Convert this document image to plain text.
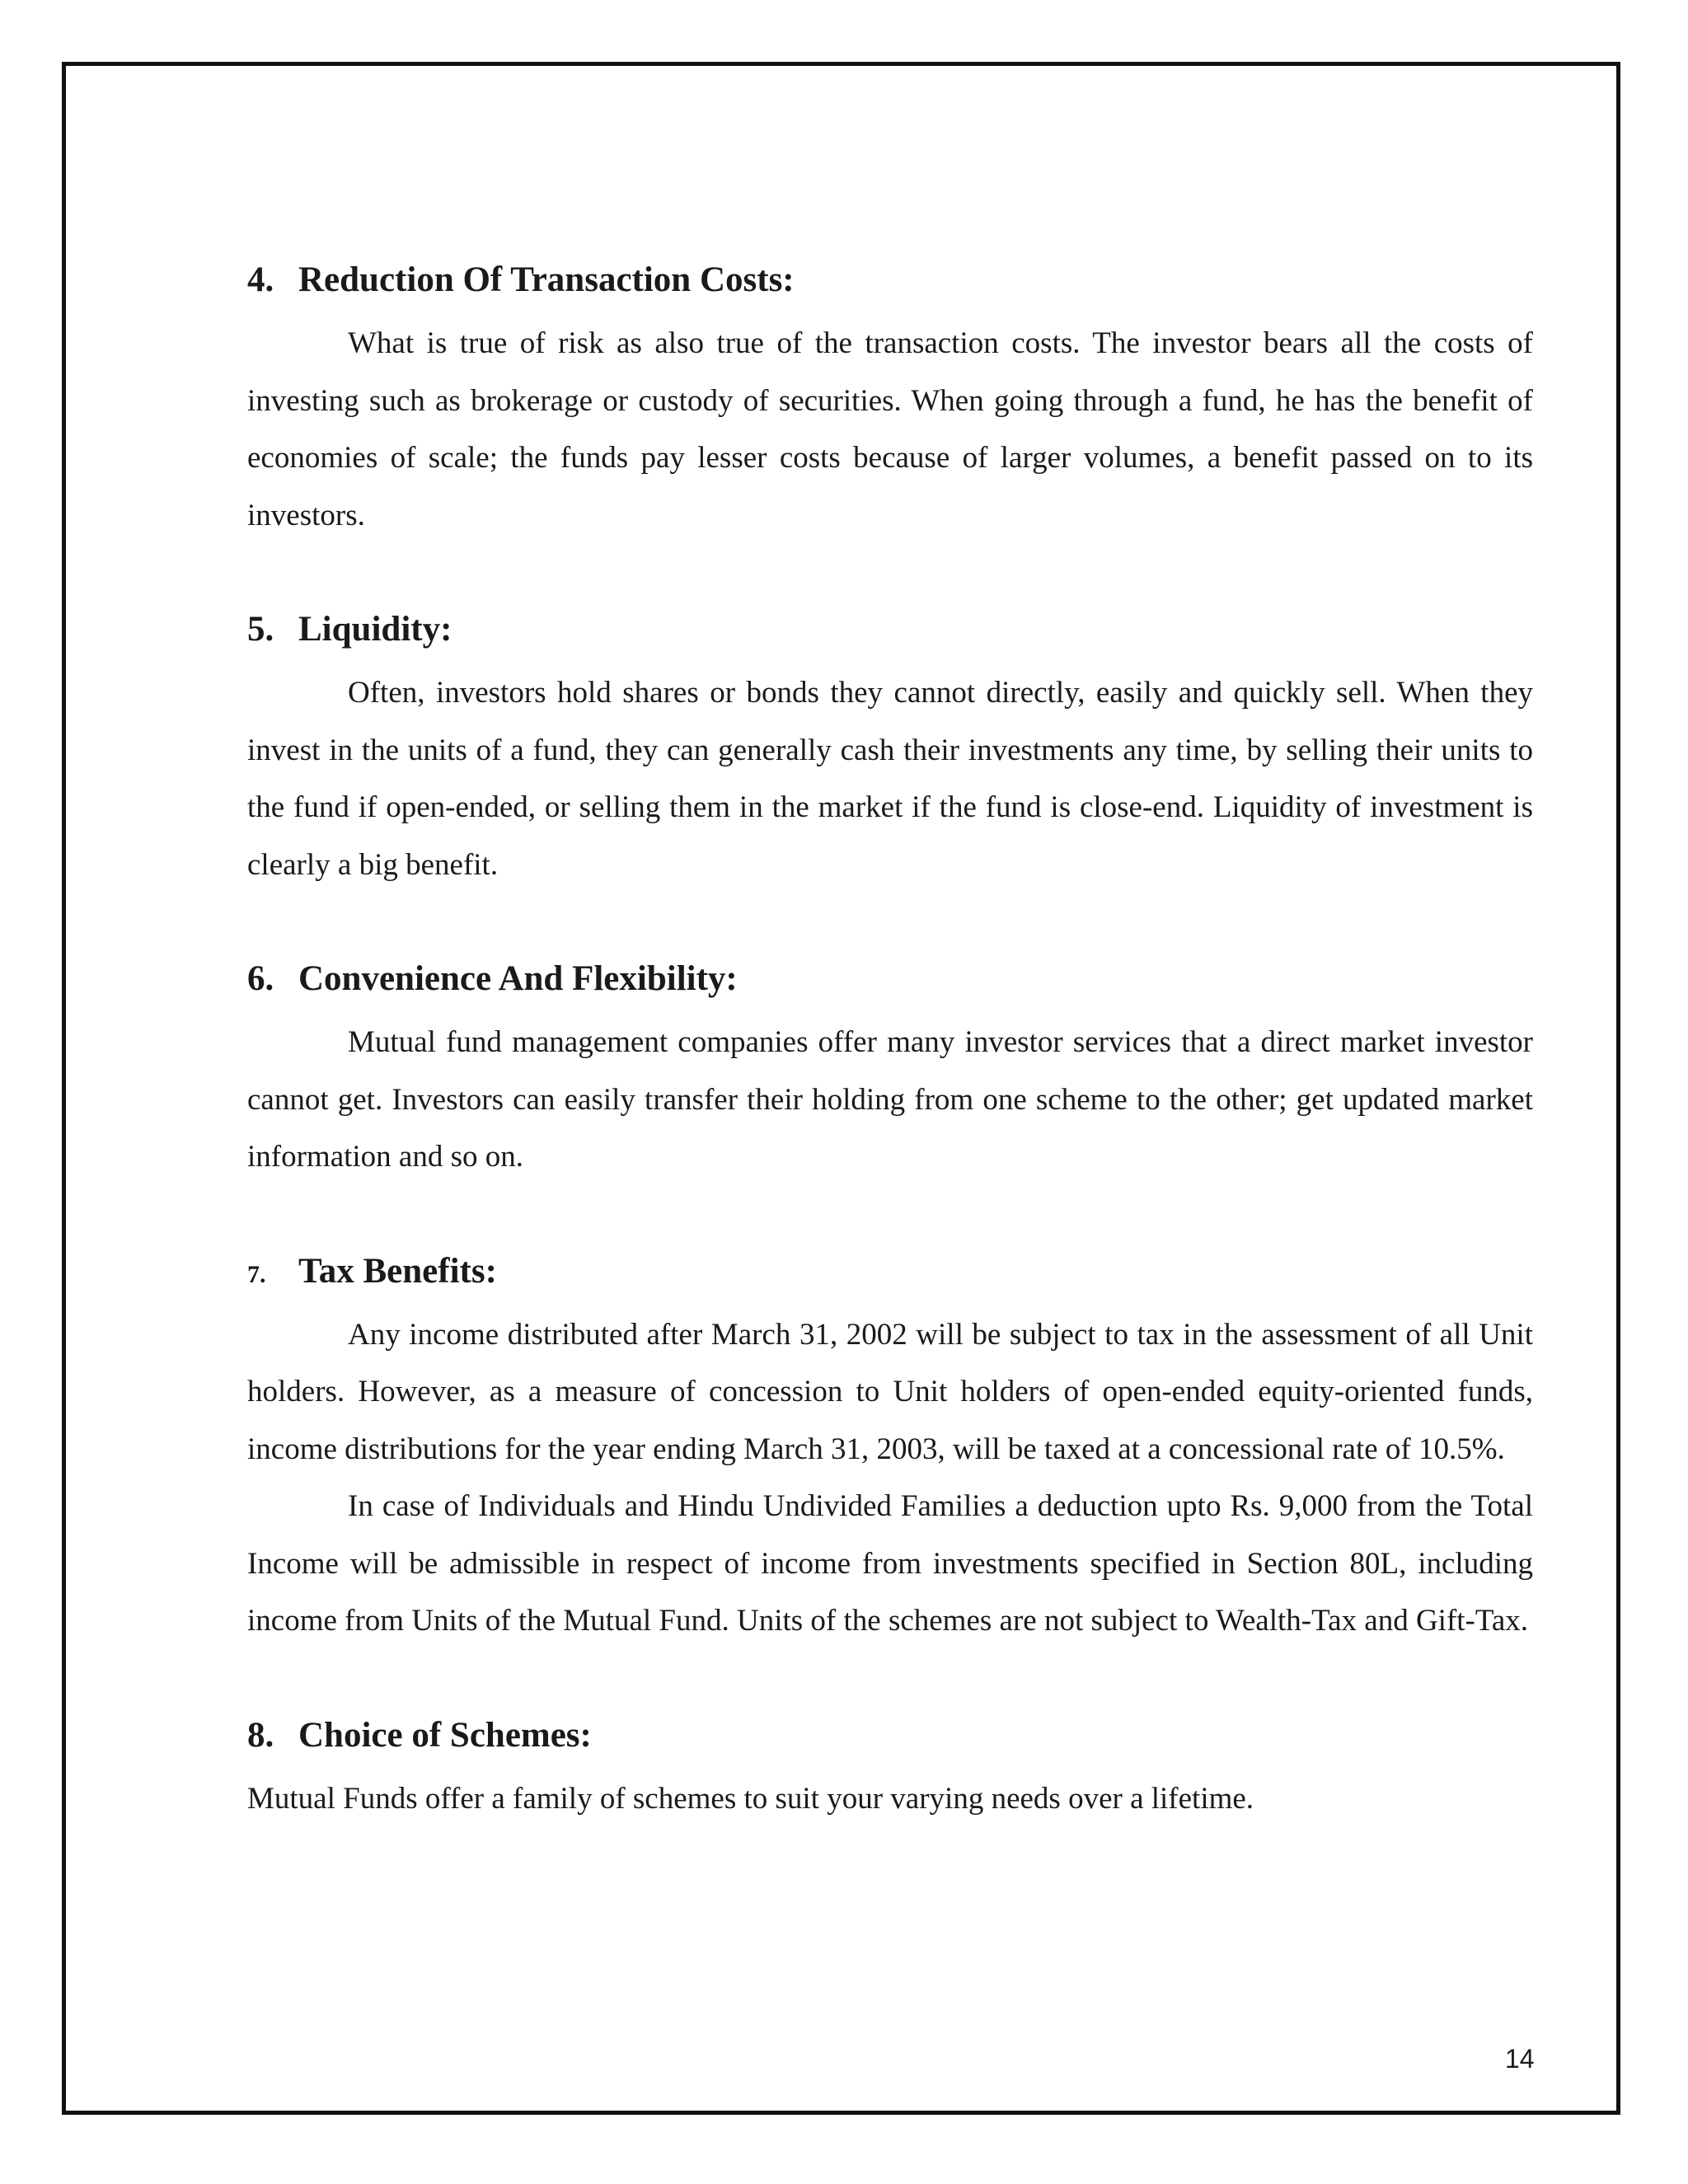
4. Reduction Of Transaction Costs:

What is true of risk as also true of the transaction costs. The investor bears all the costs of investing such as brokerage or custody of securities. When going through a fund, he has the benefit of economies of scale; the funds pay lesser costs because of larger volumes, a benefit passed on to its investors.

5. Liquidity:

Often, investors hold shares or bonds they cannot directly, easily and quickly sell. When they invest in the units of a fund, they can generally cash their investments any time, by selling their units to the fund if open-ended, or selling them in the market if the fund is close-end. Liquidity of investment is clearly a big benefit.

6. Convenience And Flexibility:

Mutual fund management companies offer many investor services that a direct market investor cannot get. Investors can easily transfer their holding from one scheme to the other; get updated market information and so on.

7. Tax Benefits:

Any income distributed after March 31, 2002 will be subject to tax in the assessment of all Unit holders. However, as a measure of concession to Unit holders of open-ended equity-oriented funds, income distributions for the year ending March 31, 2003, will be taxed at a concessional rate of 10.5%.

In case of Individuals and Hindu Undivided Families a deduction upto Rs. 9,000 from the Total Income will be admissible in respect of income from investments specified in Section 80L, including income from Units of the Mutual Fund. Units of the schemes are not subject to Wealth-Tax and Gift-Tax.

8. Choice of Schemes:

Mutual Funds offer a family of schemes to suit your varying needs over a lifetime.

14
